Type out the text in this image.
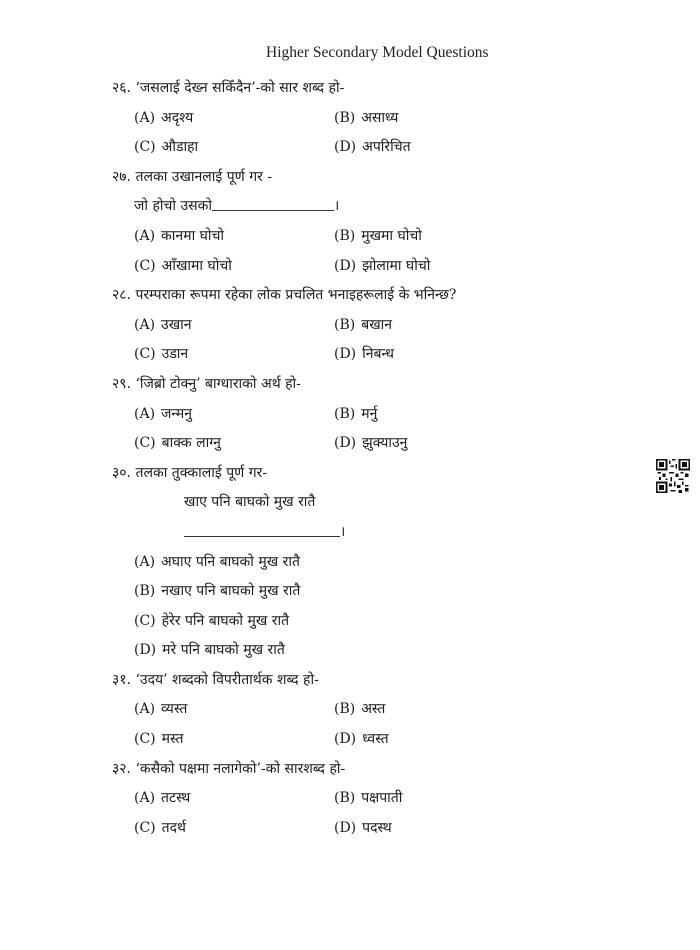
Higher Secondary Model Questions
२६. ‘जसलाई देख्न सकिँदैन’-को सार शब्द हो-
(A) अदृश्य	(B) असाध्य
(C) औडाहा	(D) अपरिचित
२७. तलका उखानलाई पूर्ण गर -
जो होचो उसको	।
(A) कानमा घोचो	(B) मुखमा घोचो
(C) आँखामा घोचो	(D) झोलामा घोचो
२८. परम्पराका रूपमा रहेका लोक प्रचलित भनाइहरूलाई के भनिन्छ?
(A) उखान	(B) बखान
(C) उडान	(D) निबन्ध
२९. ‘जिब्रो टोक्नु’ बाग्धाराको अर्थ हो-
(A) जन्मनु	(B) मर्नु
(C) बाक्क लाग्नु	(D) झुक्याउनु
३०. तलका तुक्कालाई पूर्ण गर-
खाए पनि बाघको मुख रातै
।
(A) अघाए पनि बाघको मुख रातै
(B) नखाए पनि बाघको मुख रातै
(C) हेरेर पनि बाघको मुख रातै
(D) मरे पनि बाघको मुख रातै
३१. ‘उदय’ शब्दको विपरीतार्थक शब्द हो-
(A) व्यस्त	(B) अस्त
(C) मस्त	(D) ध्वस्त
३२. ‘कसैको पक्षमा नलागेको’-को सारशब्द हो-
(A) तटस्थ	(B) पक्षपाती
(C) तदर्थ	(D) पदस्थ
